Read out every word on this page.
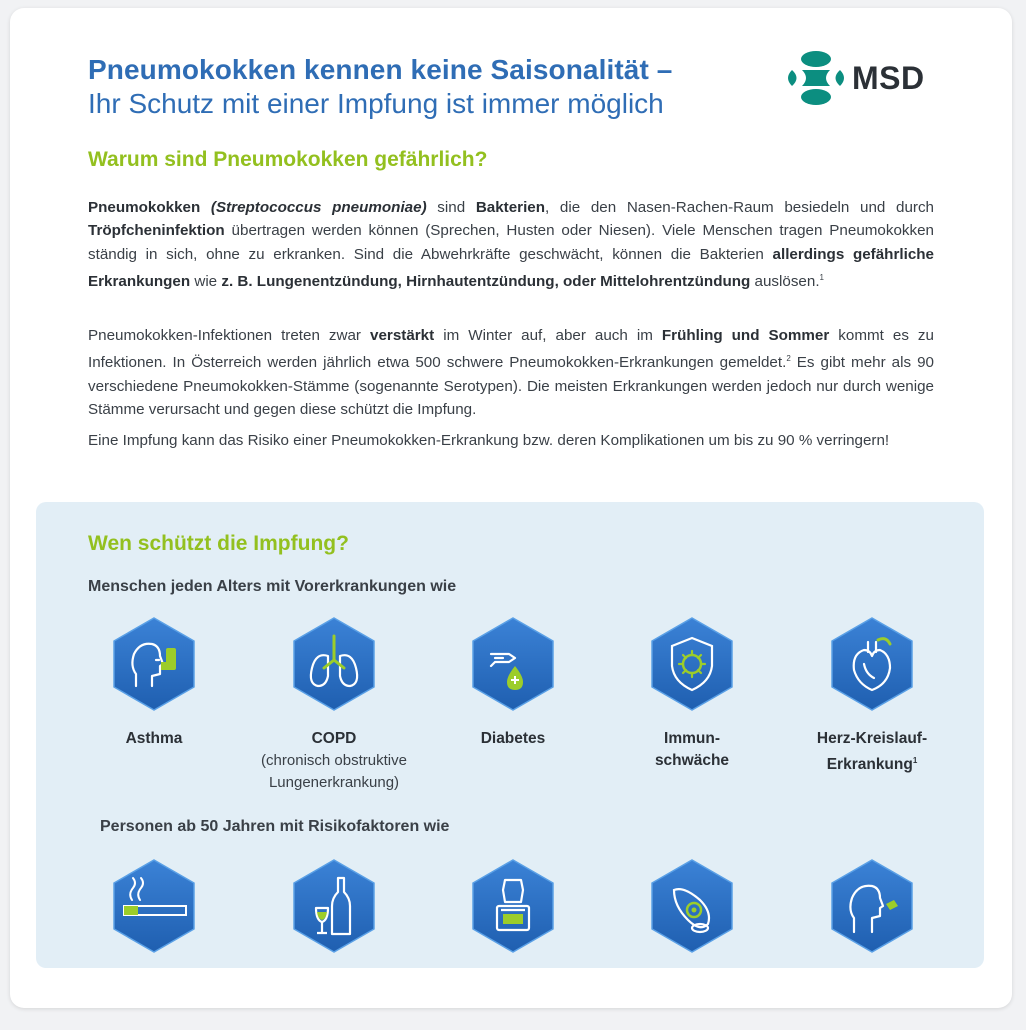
Pneumokokken kennen keine Saisonalität –
Ihr Schutz mit einer Impfung ist immer möglich
MSD
Warum sind Pneumokokken gefährlich?

Pneumokokken (Streptococcus pneumoniae) sind Bakterien, die den Nasen-Rachen-Raum besiedeln und durch Tröpfcheninfektion übertragen werden können (Sprechen, Husten oder Niesen). Viele Menschen tragen Pneumokokken ständig in sich, ohne zu erkranken. Sind die Abwehrkräfte geschwächt, können die Bakterien allerdings gefährliche Erkrankungen wie z. B. Lungenentzündung, Hirnhautentzündung, oder Mittelohrentzündung auslösen.$^1$

Pneumokokken-Infektionen treten zwar verstärkt im Winter auf, aber auch im Frühling und Sommer kommt es zu Infektionen. In Österreich werden jährlich etwa 500 schwere Pneumokokken-Erkrankungen gemeldet.$^2$ Es gibt mehr als 90 verschiedene Pneumokokken-Stämme (sogenannte Serotypen). Die meisten Erkrankungen werden jedoch nur durch wenige Stämme verursacht und gegen diese schützt die Impfung.

Eine Impfung kann das Risiko einer Pneumokokken-Erkrankung bzw. deren Komplikationen um bis zu 90 % verringern!

Wen schützt die Impfung?
Menschen jeden Alters mit Vorerkrankungen wie
Asthma	COPD
(chronisch obstruktive Lungenerkrankung)
Diabetes	Immun-
schwäche
Herz-Kreislauf-
Erkrankung$^1$
Personen ab 50 Jahren mit Risikofaktoren wie
